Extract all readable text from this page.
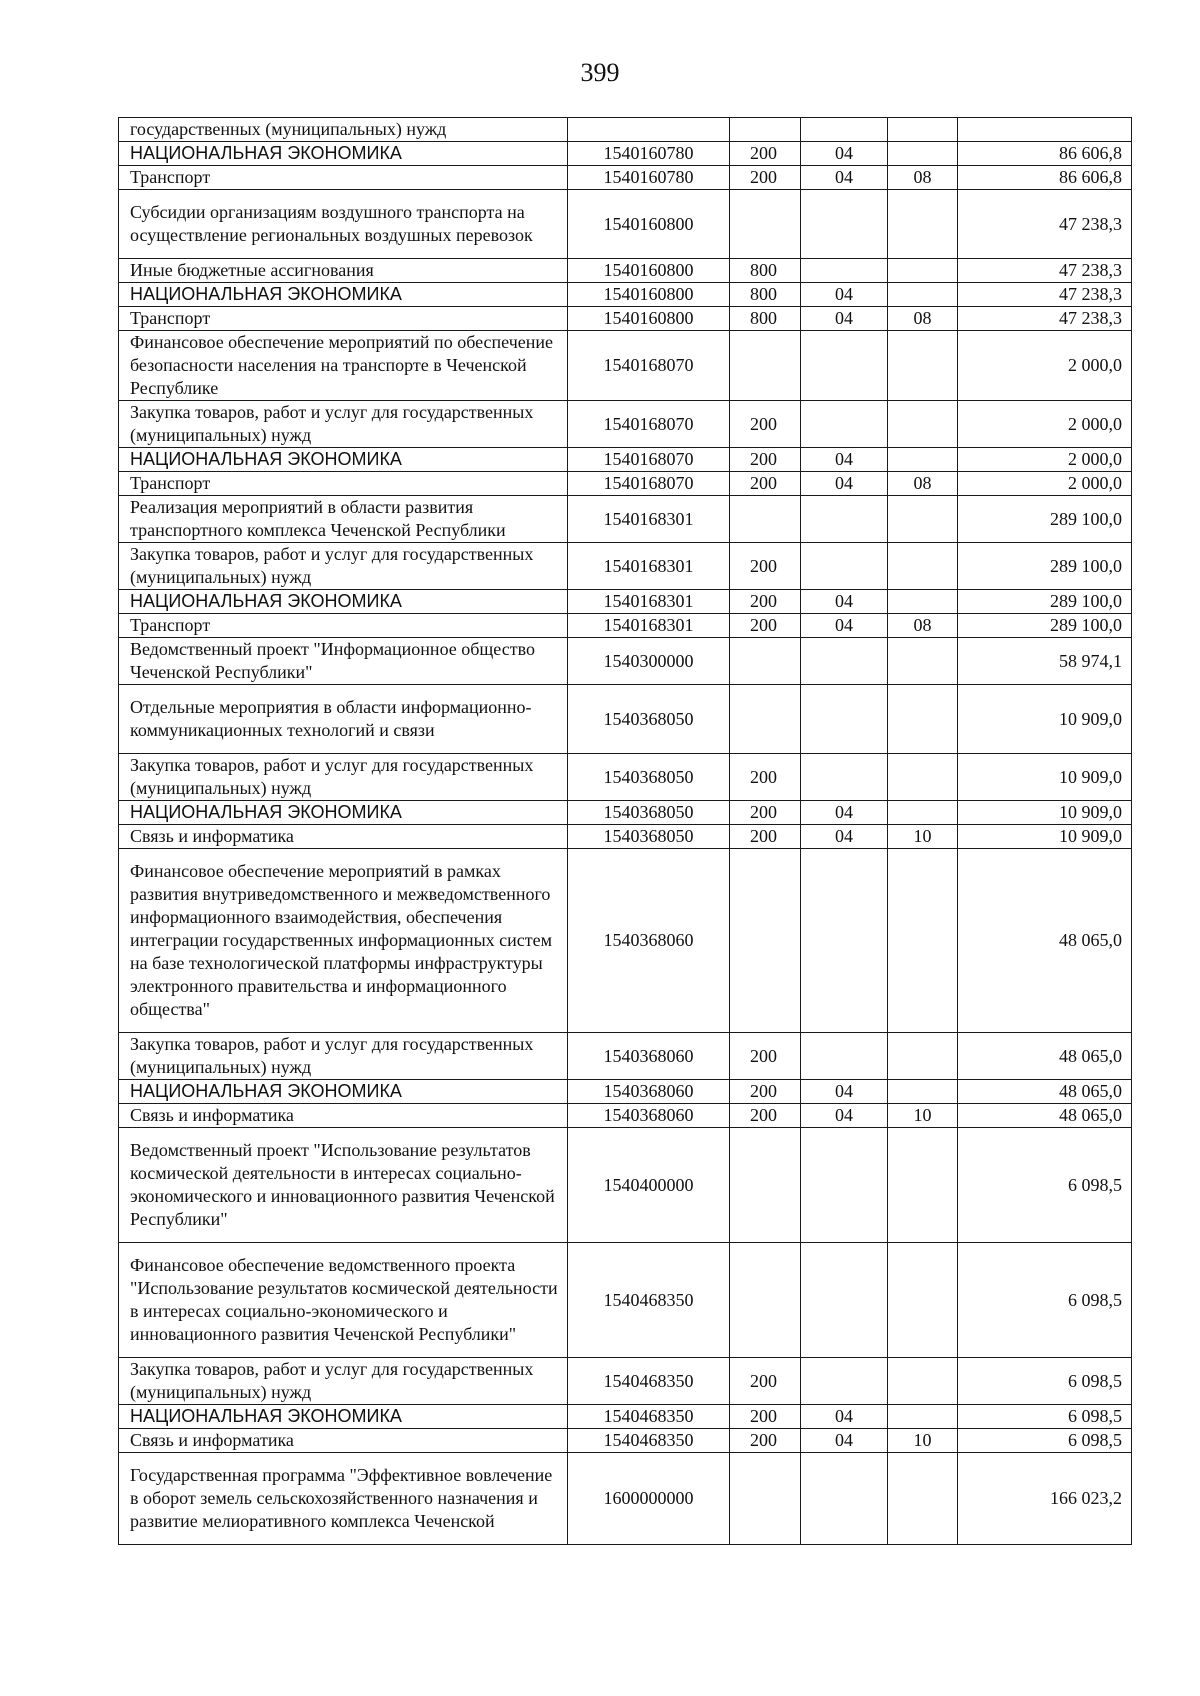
399
государственных (муниципальных) нужд					
НАЦИОНАЛЬНАЯ ЭКОНОМИКА	1540160780	200	04		86 606,8
Транспорт	1540160780	200	04	08	86 606,8
Субсидии организациям воздушного транспорта на осуществление региональных воздушных перевозок	1540160800				47 238,3
Иные бюджетные ассигнования	1540160800	800			47 238,3
НАЦИОНАЛЬНАЯ ЭКОНОМИКА	1540160800	800	04		47 238,3
Транспорт	1540160800	800	04	08	47 238,3
Финансовое обеспечение мероприятий по обеспечение безопасности населения на транспорте в Чеченской Республике	1540168070				2 000,0
Закупка товаров, работ и услуг для государственных (муниципальных) нужд	1540168070	200			2 000,0
НАЦИОНАЛЬНАЯ ЭКОНОМИКА	1540168070	200	04		2 000,0
Транспорт	1540168070	200	04	08	2 000,0
Реализация мероприятий в области развития транспортного комплекса Чеченской Республики	1540168301				289 100,0
Закупка товаров, работ и услуг для государственных (муниципальных) нужд	1540168301	200			289 100,0
НАЦИОНАЛЬНАЯ ЭКОНОМИКА	1540168301	200	04		289 100,0
Транспорт	1540168301	200	04	08	289 100,0
Ведомственный проект "Информационное общество Чеченской Республики"	1540300000				58 974,1
Отдельные мероприятия в области информационно-коммуникационных технологий и связи	1540368050				10 909,0
Закупка товаров, работ и услуг для государственных (муниципальных) нужд	1540368050	200			10 909,0
НАЦИОНАЛЬНАЯ ЭКОНОМИКА	1540368050	200	04		10 909,0
Связь и информатика	1540368050	200	04	10	10 909,0
Финансовое обеспечение мероприятий в рамках развития внутриведомственного и межведомственного информационного взаимодействия, обеспечения интеграции государственных информационных систем на базе технологической платформы инфраструктуры электронного правительства и информационного общества"	1540368060				48 065,0
Закупка товаров, работ и услуг для государственных (муниципальных) нужд	1540368060	200			48 065,0
НАЦИОНАЛЬНАЯ ЭКОНОМИКА	1540368060	200	04		48 065,0
Связь и информатика	1540368060	200	04	10	48 065,0
Ведомственный проект "Использование результатов космической деятельности в интересах социально-экономического и инновационного развития Чеченской Республики"	1540400000				6 098,5
Финансовое обеспечение ведомственного проекта "Использование результатов космической деятельности в интересах социально-экономического и инновационного развития Чеченской Республики"	1540468350				6 098,5
Закупка товаров, работ и услуг для государственных (муниципальных) нужд	1540468350	200			6 098,5
НАЦИОНАЛЬНАЯ ЭКОНОМИКА	1540468350	200	04		6 098,5
Связь и информатика	1540468350	200	04	10	6 098,5
Государственная программа "Эффективное вовлечение в оборот земель сельскохозяйственного назначения и развитие мелиоративного комплекса Чеченской	1600000000				166 023,2
